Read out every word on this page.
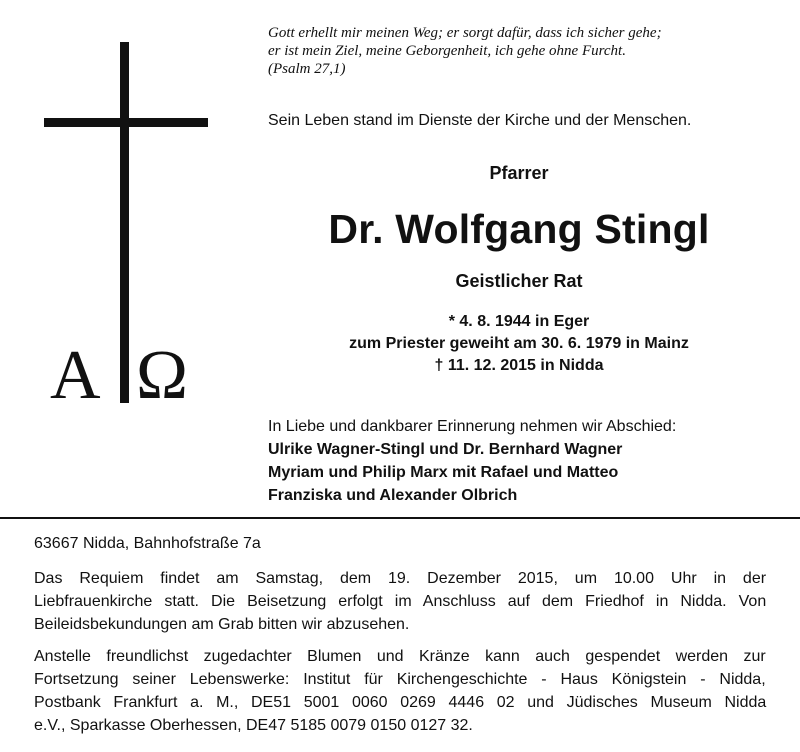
A Ω
Gott erhellt mir meinen Weg; er sorgt dafür, dass ich sicher gehe;
er ist mein Ziel, meine Geborgenheit, ich gehe ohne Furcht.
(Psalm 27,1)
Sein Leben stand im Dienste der Kirche und der Menschen.
Pfarrer
Dr. Wolfgang Stingl
Geistlicher Rat
* 4. 8. 1944 in Eger
zum Priester geweiht am 30. 6. 1979 in Mainz
† 11. 12. 2015 in Nidda
In Liebe und dankbarer Erinnerung nehmen wir Abschied:
Ulrike Wagner-Stingl und Dr. Bernhard Wagner
Myriam und Philip Marx mit Rafael und Matteo
Franziska und Alexander Olbrich
63667 Nidda, Bahnhofstraße 7a
Das Requiem findet am Samstag, dem 19. Dezember 2015, um 10.00 Uhr in der
Liebfrauenkirche statt. Die Beisetzung erfolgt im Anschluss auf dem Friedhof in Nidda. Von
Beileidsbekundungen am Grab bitten wir abzusehen.
Anstelle freundlichst zugedachter Blumen und Kränze kann auch gespendet werden zur
Fortsetzung seiner Lebenswerke: Institut für Kirchengeschichte - Haus Königstein - Nidda,
Postbank Frankfurt a. M., DE51 5001 0060 0269 4446 02 und Jüdisches Museum Nidda
e.V., Sparkasse Oberhessen, DE47 5185 0079 0150 0127 32.
